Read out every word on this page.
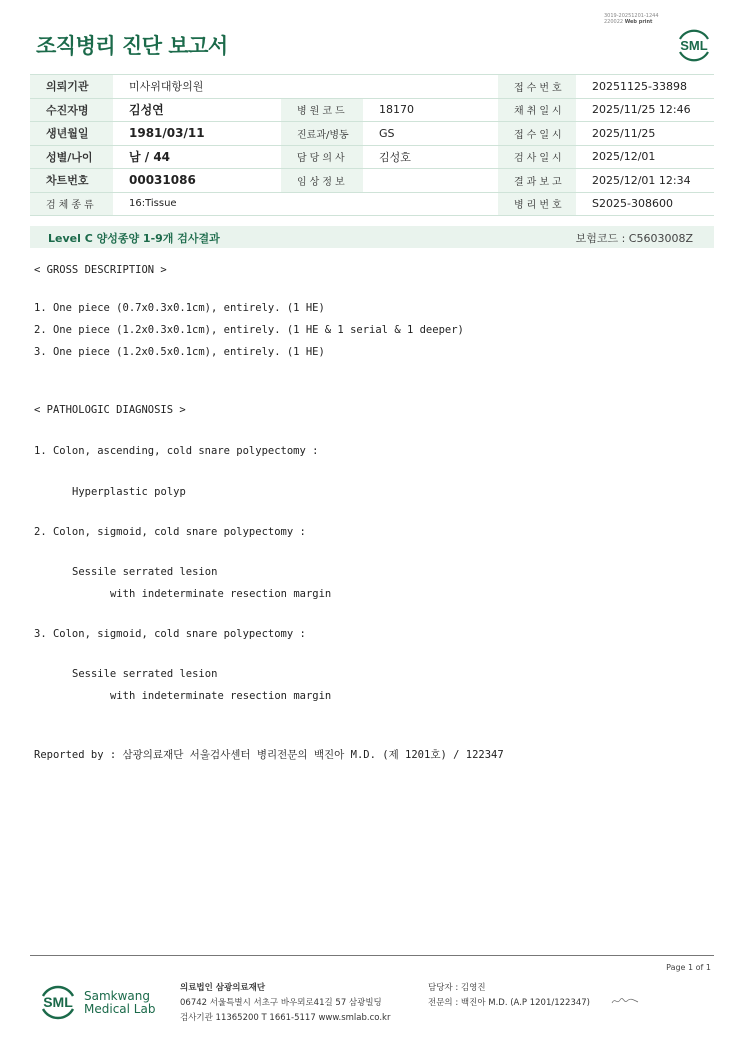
3019-20251201-1244
220022 Web print
조직병리 진단 보고서	SML
의뢰기관	미사위대항의원			접수번호	20251125-33898
수진자명	김성연	병원코드	18170	채취일시	2025/11/25 12:46
생년월일	1981/03/11	진료과/병동	GS	접수일시	2025/11/25
성별/나이	남 / 44	담당의사	김성호	검사일시	2025/12/01
차트번호	00031086	임상정보		결과보고	2025/12/01 12:34
검체종류	16:Tissue			병리번호	S2025-308600
Level C 양성종양 1-9개 검사결과	보험코드 : C5603008Z
< GROSS DESCRIPTION >
1. One piece (0.7x0.3x0.1cm), entirely. (1 HE)
2. One piece (1.2x0.3x0.1cm), entirely. (1 HE & 1 serial & 1 deeper)
3. One piece (1.2x0.5x0.1cm), entirely. (1 HE)
< PATHOLOGIC DIAGNOSIS >
1. Colon, ascending, cold snare polypectomy :
Hyperplastic polyp
2. Colon, sigmoid, cold snare polypectomy :
Sessile serrated lesion
with indeterminate resection margin
3. Colon, sigmoid, cold snare polypectomy :
Sessile serrated lesion
with indeterminate resection margin
Reported by : 삼광의료재단 서울검사센터 병리전문의 백진아 M.D. (제 1201호) / 122347
Page 1 of 1
SML Samkwang
Medical Lab
의료법인 삼광의료재단
06742 서울특별시 서초구 바우뫼로41길 57 삼광빌딩
검사기관 11365200 T 1661-5117 www.smlab.co.kr
담당자 : 김영진
전문의 : 백진아 M.D. (A.P 1201/122347)
